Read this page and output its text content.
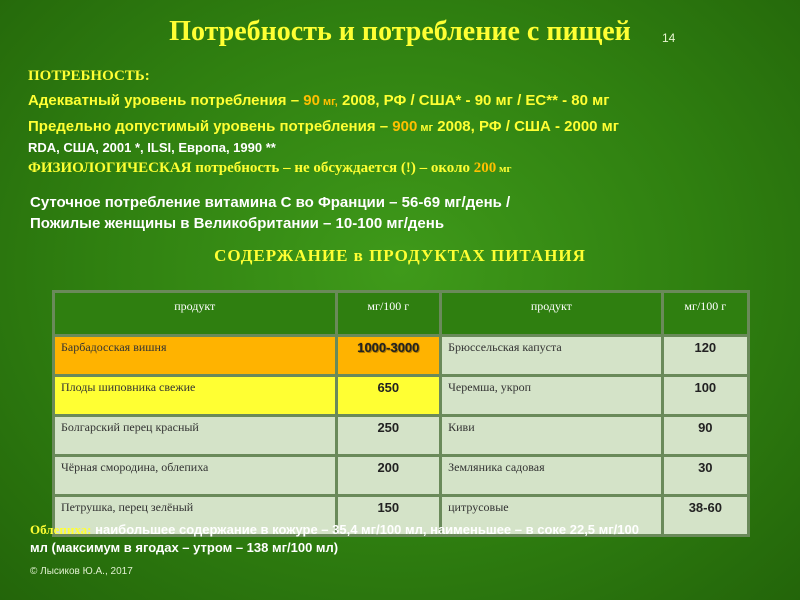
Потребность и потребление с пищей	14
ПОТРЕБНОСТЬ:
Адекватный уровень потребления – 90 мг, 2008, РФ / США* - 90 мг / ЕС** - 80 мг
Предельно допустимый уровень потребления – 900 мг 2008, РФ / США - 2000 мг
RDA, США, 2001 *, ILSI, Европа, 1990 **
ФИЗИОЛОГИЧЕСКАЯ потребность – не обсуждается (!) – около 200 мг
Суточное потребление витамина С во Франции – 56-69 мг/день /
Пожилые женщины в Великобритании – 10-100 мг/день
СОДЕРЖАНИЕ в ПРОДУКТАХ ПИТАНИЯ
продукт	мг/100 г	продукт	мг/100 г
Барбадосская вишня	1000-3000	Брюссельская капуста	120
Плоды шиповника свежие	650	Черемша, укроп	100
Болгарский перец красный	250	Киви	90
Чёрная смородина, облепиха	200	Земляника садовая	30
Петрушка, перец зелёный	150	цитрусовые	38-60
Облепиха: наибольшее содержание в кожуре – 35,4 мг/100 мл, наименьшее – в соке 22,5 мг/100
мл (максимум в ягодах – утром – 138 мг/100 мл)
© Лысиков Ю.А., 2017
